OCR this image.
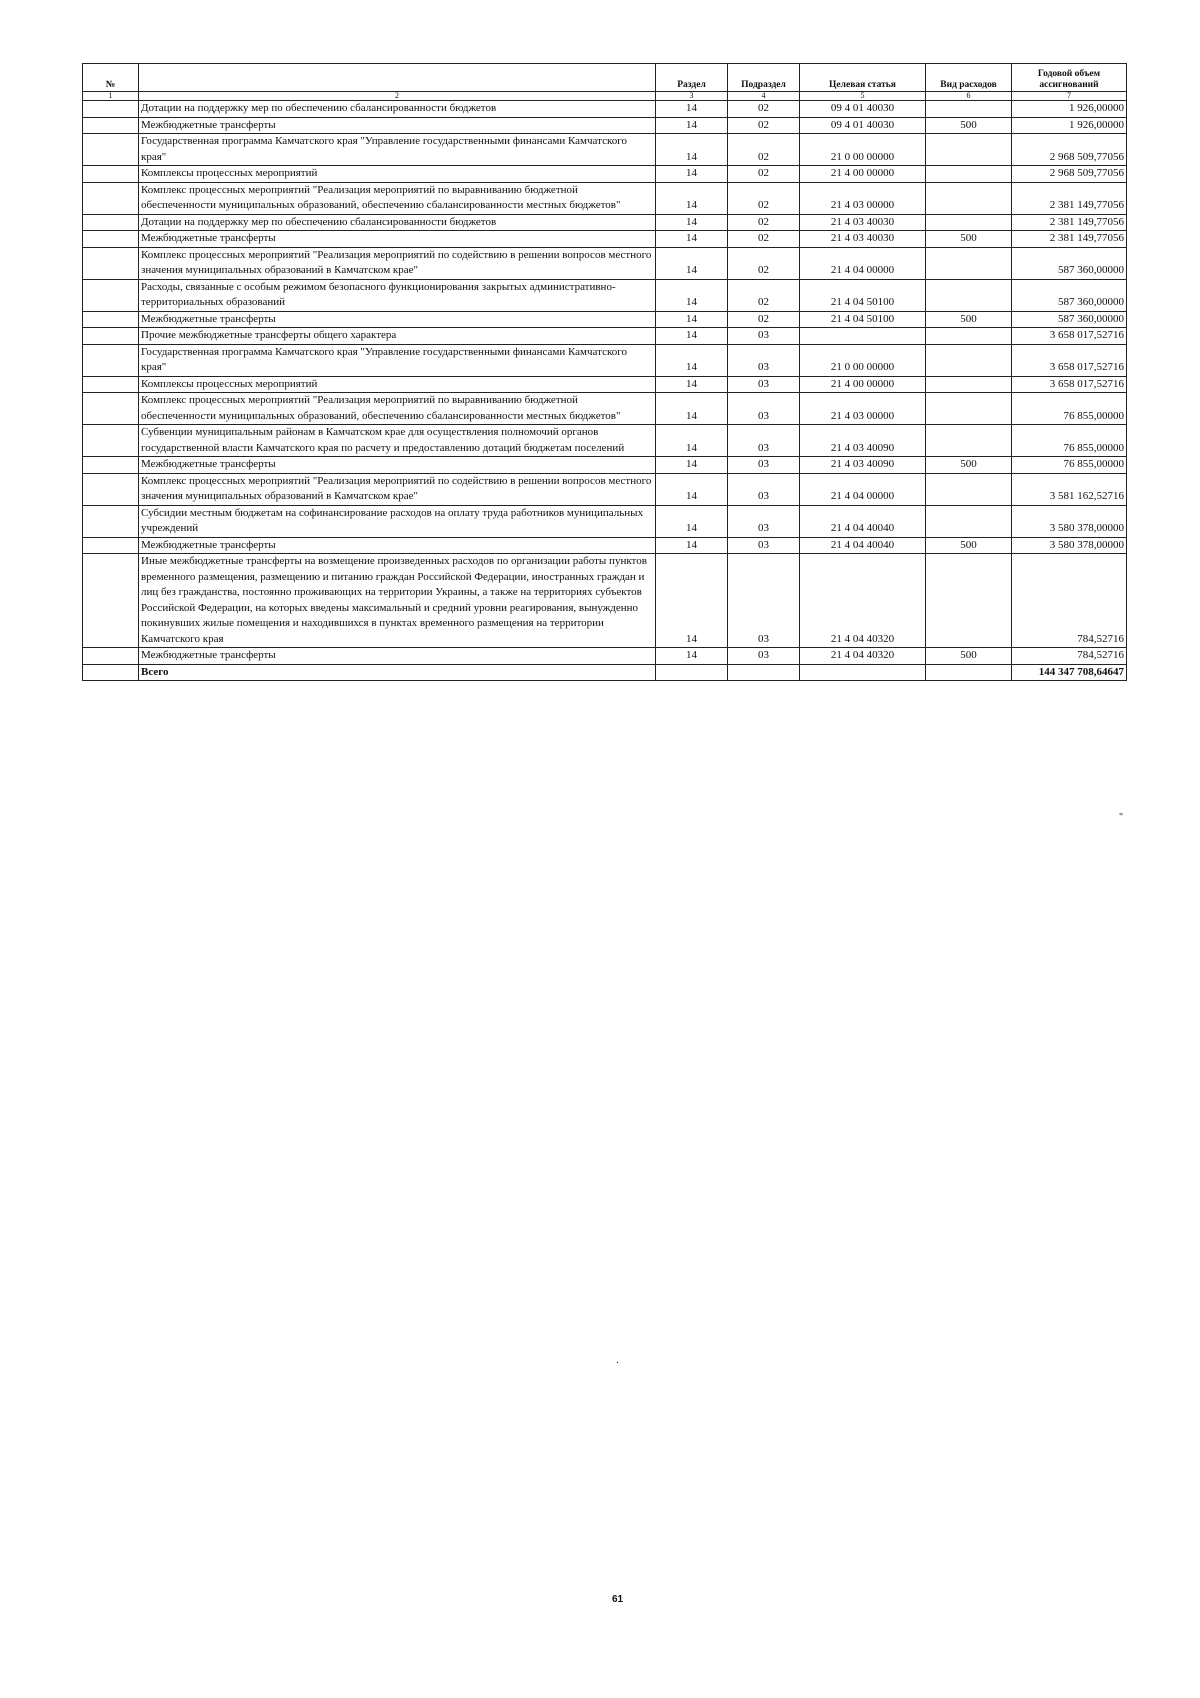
№		Раздел	Подраздел	Целевая статья	Вид расходов	Годовой объем ассигнований
1	2	3	4	5	6	7
	Дотации на поддержку мер по обеспечению сбалансированности бюджетов	14	02	09 4 01 40030		1 926,00000
	Межбюджетные трансферты	14	02	09 4 01 40030	500	1 926,00000
	Государственная программа Камчатского края "Управление государственными финансами Камчатского края"	14	02	21 0 00 00000		2 968 509,77056
	Комплексы процессных мероприятий	14	02	21 4 00 00000		2 968 509,77056
	Комплекс процессных мероприятий "Реализация мероприятий по выравниванию бюджетной обеспеченности муниципальных образований, обеспечению сбалансированности местных бюджетов"	14	02	21 4 03 00000		2 381 149,77056
	Дотации на поддержку мер по обеспечению сбалансированности бюджетов	14	02	21 4 03 40030		2 381 149,77056
	Межбюджетные трансферты	14	02	21 4 03 40030	500	2 381 149,77056
	Комплекс процессных мероприятий "Реализация мероприятий по содействию в решении вопросов местного значения муниципальных образований в Камчатском крае"	14	02	21 4 04 00000		587 360,00000
	Расходы, связанные с особым режимом безопасного функционирования закрытых административно-территориальных образований	14	02	21 4 04 50100		587 360,00000
	Межбюджетные трансферты	14	02	21 4 04 50100	500	587 360,00000
	Прочие межбюджетные трансферты общего характера	14	03			3 658 017,52716
	Государственная программа Камчатского края "Управление государственными финансами Камчатского края"	14	03	21 0 00 00000		3 658 017,52716
	Комплексы процессных мероприятий	14	03	21 4 00 00000		3 658 017,52716
	Комплекс процессных мероприятий "Реализация мероприятий по выравниванию бюджетной обеспеченности муниципальных образований, обеспечению сбалансированности местных бюджетов"	14	03	21 4 03 00000		76 855,00000
	Субвенции муниципальным районам в Камчатском крае для осуществления полномочий органов государственной власти Камчатского края по расчету и предоставлению дотаций бюджетам поселений	14	03	21 4 03 40090		76 855,00000
	Межбюджетные трансферты	14	03	21 4 03 40090	500	76 855,00000
	Комплекс процессных мероприятий "Реализация мероприятий по содействию в решении вопросов местного значения муниципальных образований в Камчатском крае"	14	03	21 4 04 00000		3 581 162,52716
	Субсидии местным бюджетам на софинансирование расходов на оплату труда работников муниципальных учреждений	14	03	21 4 04 40040		3 580 378,00000
	Межбюджетные трансферты	14	03	21 4 04 40040	500	3 580 378,00000
	Иные межбюджетные трансферты на возмещение произведенных расходов по организации работы пунктов временного размещения, размещению и питанию граждан Российской Федерации, иностранных граждан и лиц без гражданства, постоянно проживающих на территории Украины, а также на территориях субъектов Российской Федерации, на которых введены максимальный и средний уровни реагирования, вынужденно покинувших жилые помещения и находившихся в пунктах временного размещения на территории Камчатского края	14	03	21 4 04 40320		784,52716
	Межбюджетные трансферты	14	03	21 4 04 40320	500	784,52716
	Всего					144 347 708,64647
"
.
61
